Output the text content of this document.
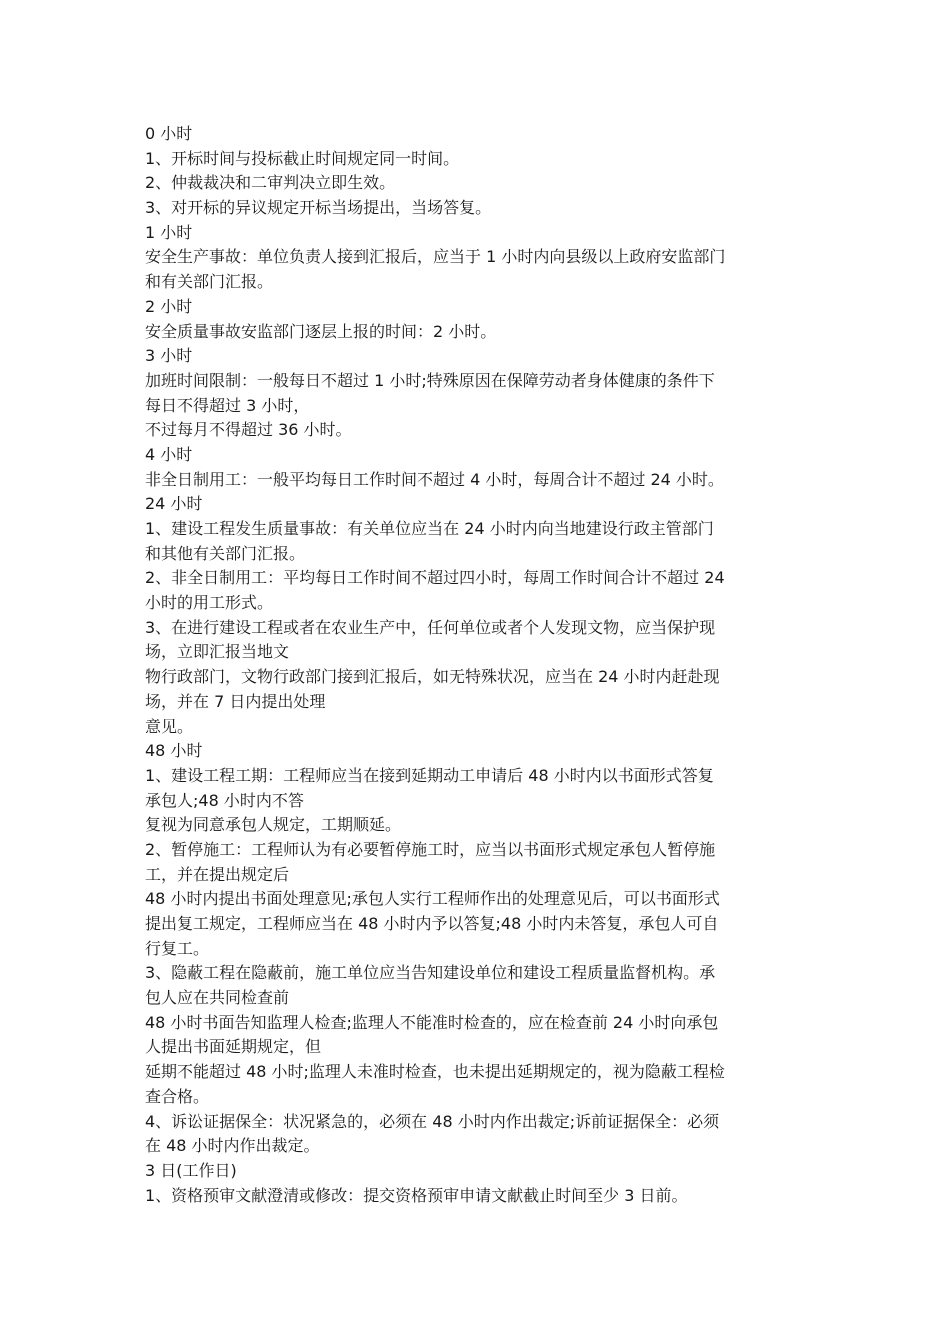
0 小时
1、开标时间与投标截止时间规定同一时间。
2、仲裁裁决和二审判决立即生效。
3、对开标的异议规定开标当场提出，当场答复。
1 小时
安全生产事故：单位负责人接到汇报后，应当于 1 小时内向县级以上政府安监部门
和有关部门汇报。
2 小时
安全质量事故安监部门逐层上报的时间：2 小时。
3 小时
加班时间限制：一般每日不超过 1 小时;特殊原因在保障劳动者身体健康的条件下
每日不得超过 3 小时，
不过每月不得超过 36 小时。
4 小时
非全日制用工：一般平均每日工作时间不超过 4 小时，每周合计不超过 24 小时。
24 小时
1、建设工程发生质量事故：有关单位应当在 24 小时内向当地建设行政主管部门
和其他有关部门汇报。
2、非全日制用工：平均每日工作时间不超过四小时，每周工作时间合计不超过 24
小时的用工形式。
3、在进行建设工程或者在农业生产中，任何单位或者个人发现文物，应当保护现
场，立即汇报当地文
物行政部门，文物行政部门接到汇报后，如无特殊状况，应当在 24 小时内赶赴现
场，并在 7 日内提出处理
意见。
48 小时
1、建设工程工期：工程师应当在接到延期动工申请后 48 小时内以书面形式答复
承包人;48 小时内不答
复视为同意承包人规定，工期顺延。
2、暂停施工：工程师认为有必要暂停施工时，应当以书面形式规定承包人暂停施
工，并在提出规定后
48 小时内提出书面处理意见;承包人实行工程师作出的处理意见后，可以书面形式
提出复工规定，工程师应当在 48 小时内予以答复;48 小时内未答复，承包人可自
行复工。
3、隐蔽工程在隐蔽前，施工单位应当告知建设单位和建设工程质量监督机构。承
包人应在共同检查前
48 小时书面告知监理人检查;监理人不能准时检查的，应在检查前 24 小时向承包
人提出书面延期规定，但
延期不能超过 48 小时;监理人未准时检查，也未提出延期规定的，视为隐蔽工程检
查合格。
4、诉讼证据保全：状况紧急的，必须在 48 小时内作出裁定;诉前证据保全：必须
在 48 小时内作出裁定。
3 日(工作日)
1、资格预审文献澄清或修改：提交资格预审申请文献截止时间至少 3 日前。
